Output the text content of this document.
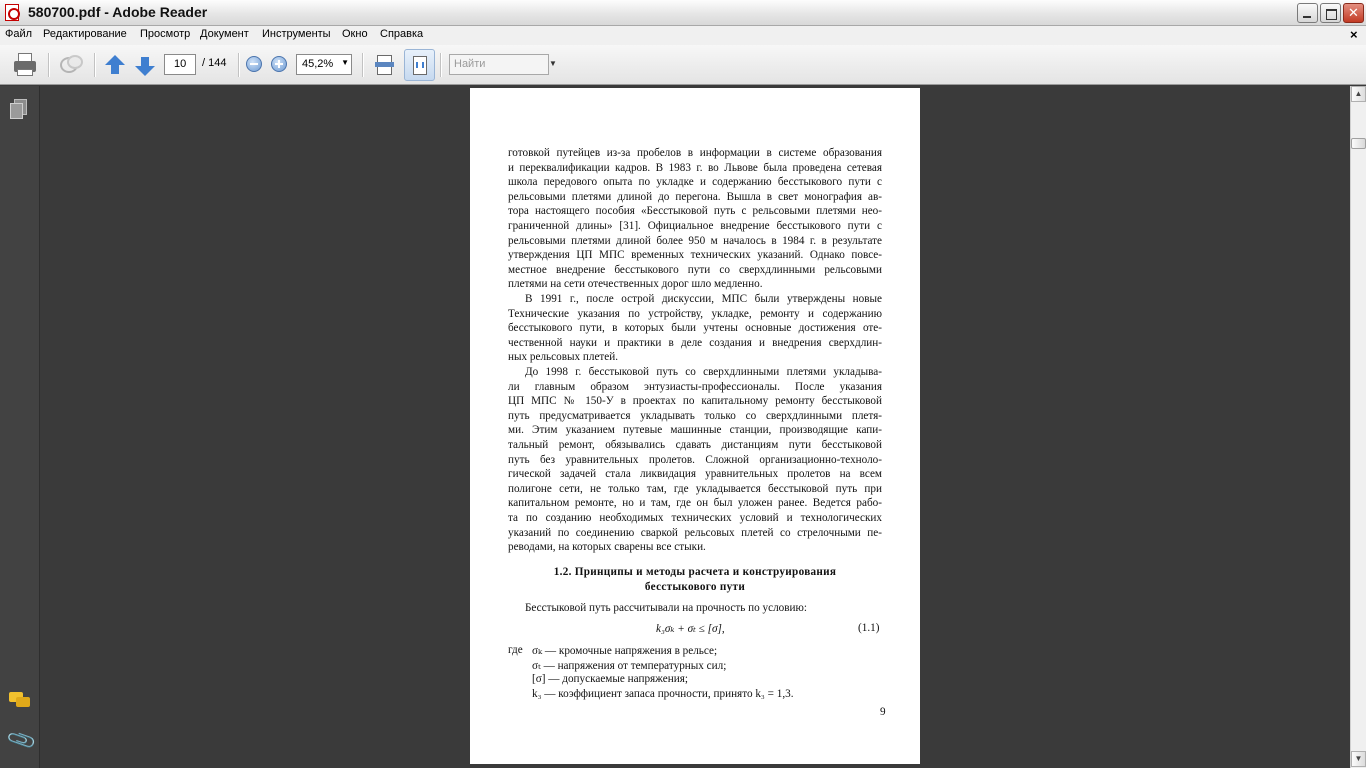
580700.pdf - Adobe Reader	✕
Файл Редактирование Просмотр Документ Инструменты Окно Справка	×
10	/ 144	45,2% ▼	Найти	▼
📎
готовкой путейцев из-за пробелов в информации в системе образования
и переквалификации кадров. В 1983 г. во Львове была проведена сетевая
школа передового опыта по укладке и содержанию бесстыкового пути с
рельсовыми плетями длиной до перегона. Вышла в свет монография ав-
тора настоящего пособия «Бесстыковой путь с рельсовыми плетями нео-
граниченной длины» [31]. Официальное внедрение бесстыкового пути с
рельсовыми плетями длиной более 950 м началось в 1984 г. в результате
утверждения ЦП МПС временных технических указаний. Однако повсе-
местное внедрение бесстыкового пути со сверхдлинными рельсовыми
плетями на сети отечественных дорог шло медленно.
В 1991 г., после острой дискуссии, МПС были утверждены новые
Технические указания по устройству, укладке, ремонту и содержанию
бесстыкового пути, в которых были учтены основные достижения оте-
чественной науки и практики в деле создания и внедрения сверхдлин-
ных рельсовых плетей.
До 1998 г. бесстыковой путь со сверхдлинными плетями укладыва-
ли главным образом энтузиасты-профессионалы. После указания
ЦП МПС № 150-У в проектах по капитальному ремонту бесстыковой
путь предусматривается укладывать только со сверхдлинными плетя-
ми. Этим указанием путевые машинные станции, производящие капи-
тальный ремонт, обязывались сдавать дистанциям пути бесстыковой
путь без уравнительных пролетов. Сложной организационно-техноло-
гической задачей стала ликвидация уравнительных пролетов на всем
полигоне сети, не только там, где укладывается бесстыковой путь при
капитальном ремонте, но и там, где он был уложен ранее. Ведется рабо-
та по созданию необходимых технических условий и технологических
указаний по соединению сваркой рельсовых плетей со стрелочными пе-
реводами, на которых сварены все стыки.
1.2. Принципы и методы расчета и конструирования
бесстыкового пути
Бесстыковой путь рассчитывали на прочность по условию:
k₃σₖ + σₜ ≤ [σ],	(1.1)
где σₖ — кромочные напряжения в рельсе;
σₜ — напряжения от температурных сил;
[σ] — допускаемые напряжения;
k₃ — коэффициент запаса прочности, принято k₃ = 1,3.
9
▲
▼
